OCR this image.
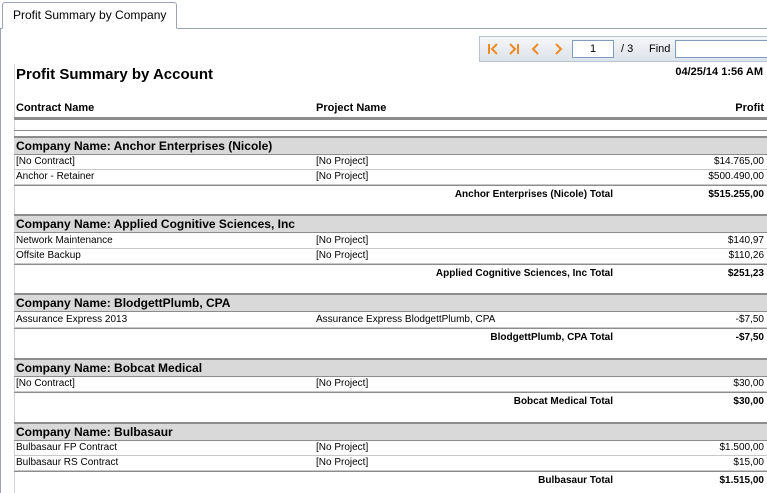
Profit Summary by Company
1
/ 3 Find
Profit Summary by Account	04/25/14 1:56 AM
Contract Name	Project Name	Profit
Company Name: Anchor Enterprises (Nicole)
[No Contract]	[No Project]	$14.765,00
Anchor - Retainer	[No Project]	$500.490,00
Anchor Enterprises (Nicole) Total	$515.255,00
Company Name: Applied Cognitive Sciences, Inc
Network Maintenance	[No Project]	$140,97
Offsite Backup	[No Project]	$110,26
Applied Cognitive Sciences, Inc Total	$251,23
Company Name: BlodgettPlumb, CPA
Assurance Express 2013	Assurance Express BlodgettPlumb, CPA	-$7,50
BlodgettPlumb, CPA Total	-$7,50
Company Name: Bobcat Medical
[No Contract]	[No Project]	$30,00
Bobcat Medical Total	$30,00
Company Name: Bulbasaur
Bulbasaur FP Contract	[No Project]	$1.500,00
Bulbasaur RS Contract	[No Project]	$15,00
Bulbasaur Total	$1.515,00
